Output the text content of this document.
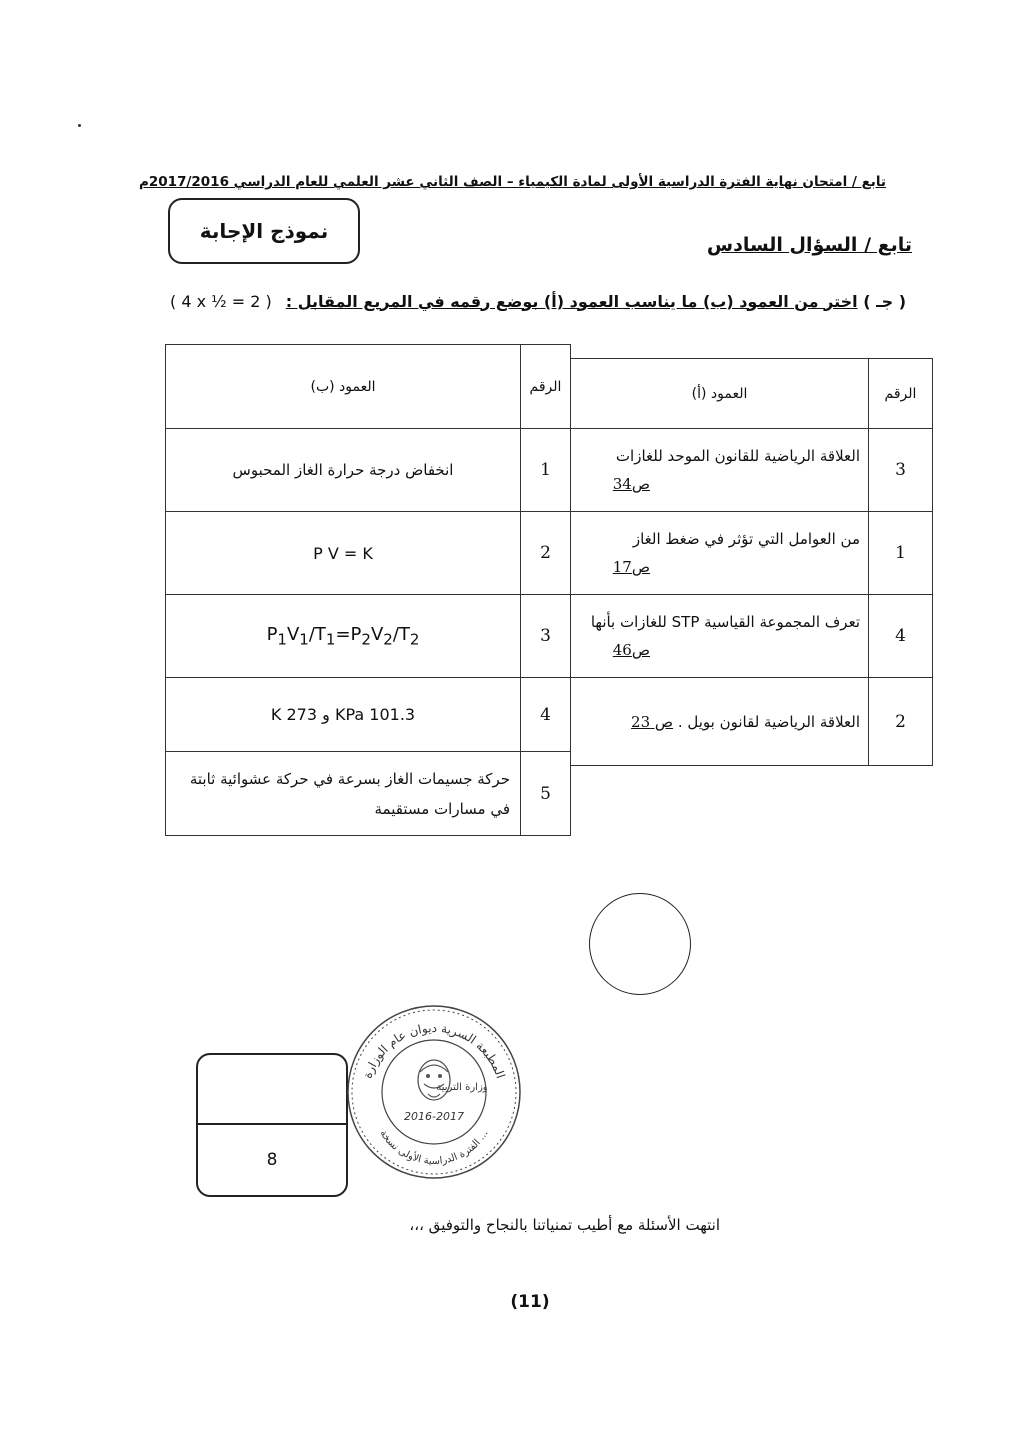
تابع / امتحان نهاية الفترة الدراسية الأولى لمادة الكيمياء – الصف الثاني عشر العلمي للعام الدراسي 2017/2016م
نموذج الإجابة
تابع / السؤال السادس
( جـ ) اختر من العمود (ب) ما يناسب العمود (أ) بوضع رقمه في المربع المقابل :
( 4 x ½ = 2 )
العمود (ب)	الرقم
انخفاض درجة حرارة الغاز المحبوس	1
P V = K	2
$P_1V_1/T_1=P_2V_2/T_2$	3
101.3 KPa و 273 K	4
حركة جسيمات الغاز بسرعة في حركة عشوائية ثابتة في مسارات مستقيمة	5
العمود (أ)	الرقم

العلاقة الرياضية للقانون الموحد للغازات
ص34	3

من العوامل التي تؤثر في ضغط الغاز
ص17	1

تعرف المجموعة القياسية STP للغازات بأنها
ص46	4
العلاقة الرياضية لقانون بويل . ص 23	2
8
المطبعة السرية ديوان عام الوزارة
الفترة الدراسية الأولى نسخة ...
وزارة التربية
2016-2017
انتهت الأسئلة مع أطيب تمنياتنا بالنجاح والتوفيق ،،،
(11)
